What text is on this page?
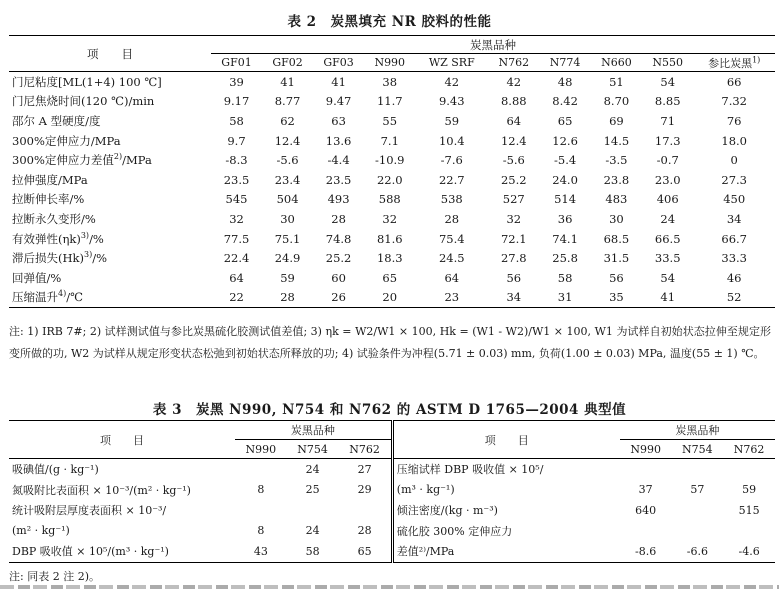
表 2　炭黑填充 NR 胶料的性能
项　　目	炭黑品种									
	GF01	GF02	GF03	N990	WZ SRF	N762	N774	N660	N550	参比炭黑$^{1)}$
门尼粘度[ML(1+4) 100 ℃]	39	41	41	38	42	42	48	51	54	66
门尼焦烧时间(120 ℃)/min	9.17	8.77	9.47	11.7	9.43	8.88	8.42	8.70	8.85	7.32
邵尔 A 型硬度/度	58	62	63	55	59	64	65	69	71	76
300%定伸应力/MPa	9.7	12.4	13.6	7.1	10.4	12.4	12.6	14.5	17.3	18.0
300%定伸应力差值$^{2)}$/MPa	-8.3	-5.6	-4.4	-10.9	-7.6	-5.6	-5.4	-3.5	-0.7	0
拉伸强度/MPa	23.5	23.4	23.5	22.0	22.7	25.2	24.0	23.8	23.0	27.3
拉断伸长率/%	545	504	493	588	538	527	514	483	406	450
拉断永久变形/%	32	30	28	32	28	32	36	30	24	34
有效弹性$(\eta k)^{3)}/\%$	77.5	75.1	74.8	81.6	75.4	72.1	74.1	68.5	66.5	66.7
滞后损失$(Hk)^{3)}/\%$	22.4	24.9	25.2	18.3	24.5	27.8	25.8	31.5	33.5	33.3
回弹值/%	64	59	60	65	64	56	58	56	54	46
压缩温升$^{4)}$/℃	22	28	26	20	23	34	31	35	41	52
注: 1) IRB 7#; 2) 试样测试值与参比炭黑硫化胶测试值差值; 3) ηk = W2/W1 × 100, Hk = (W1 - W2)/W1 × 100, W1 为试样自初始状态拉伸至规定形变所做的功, W2 为试样从规定形变状态松弛到初始状态所释放的功; 4) 试验条件为冲程(5.71 ± 0.03) mm, 负荷(1.00 ± 0.03) MPa, 温度(55 ± 1) ℃。
表 3　炭黑 N990, N754 和 N762 的 ASTM D 1765—2004 典型值
项　　目	炭黑品种			项　　目	炭黑品种		
	N990	N754	N762		N990	N754	N762
吸碘值/(g · kg⁻¹)		24	27	压缩试样 DBP 吸收值 × 10⁵/			
氮吸附比表面积 × 10⁻³/(m² · kg⁻¹)	8	25	29	(m³ · kg⁻¹)	37	57	59
统计吸附层厚度表面积 × 10⁻³/				倾注密度/(kg · m⁻³)	640		515
(m² · kg⁻¹)	8	24	28	硫化胶 300% 定伸应力			
DBP 吸收值 × 10⁵/(m³ · kg⁻¹)	43	58	65	差值²⁾/MPa	-8.6	-6.6	-4.6
注: 同表 2 注 2)。
